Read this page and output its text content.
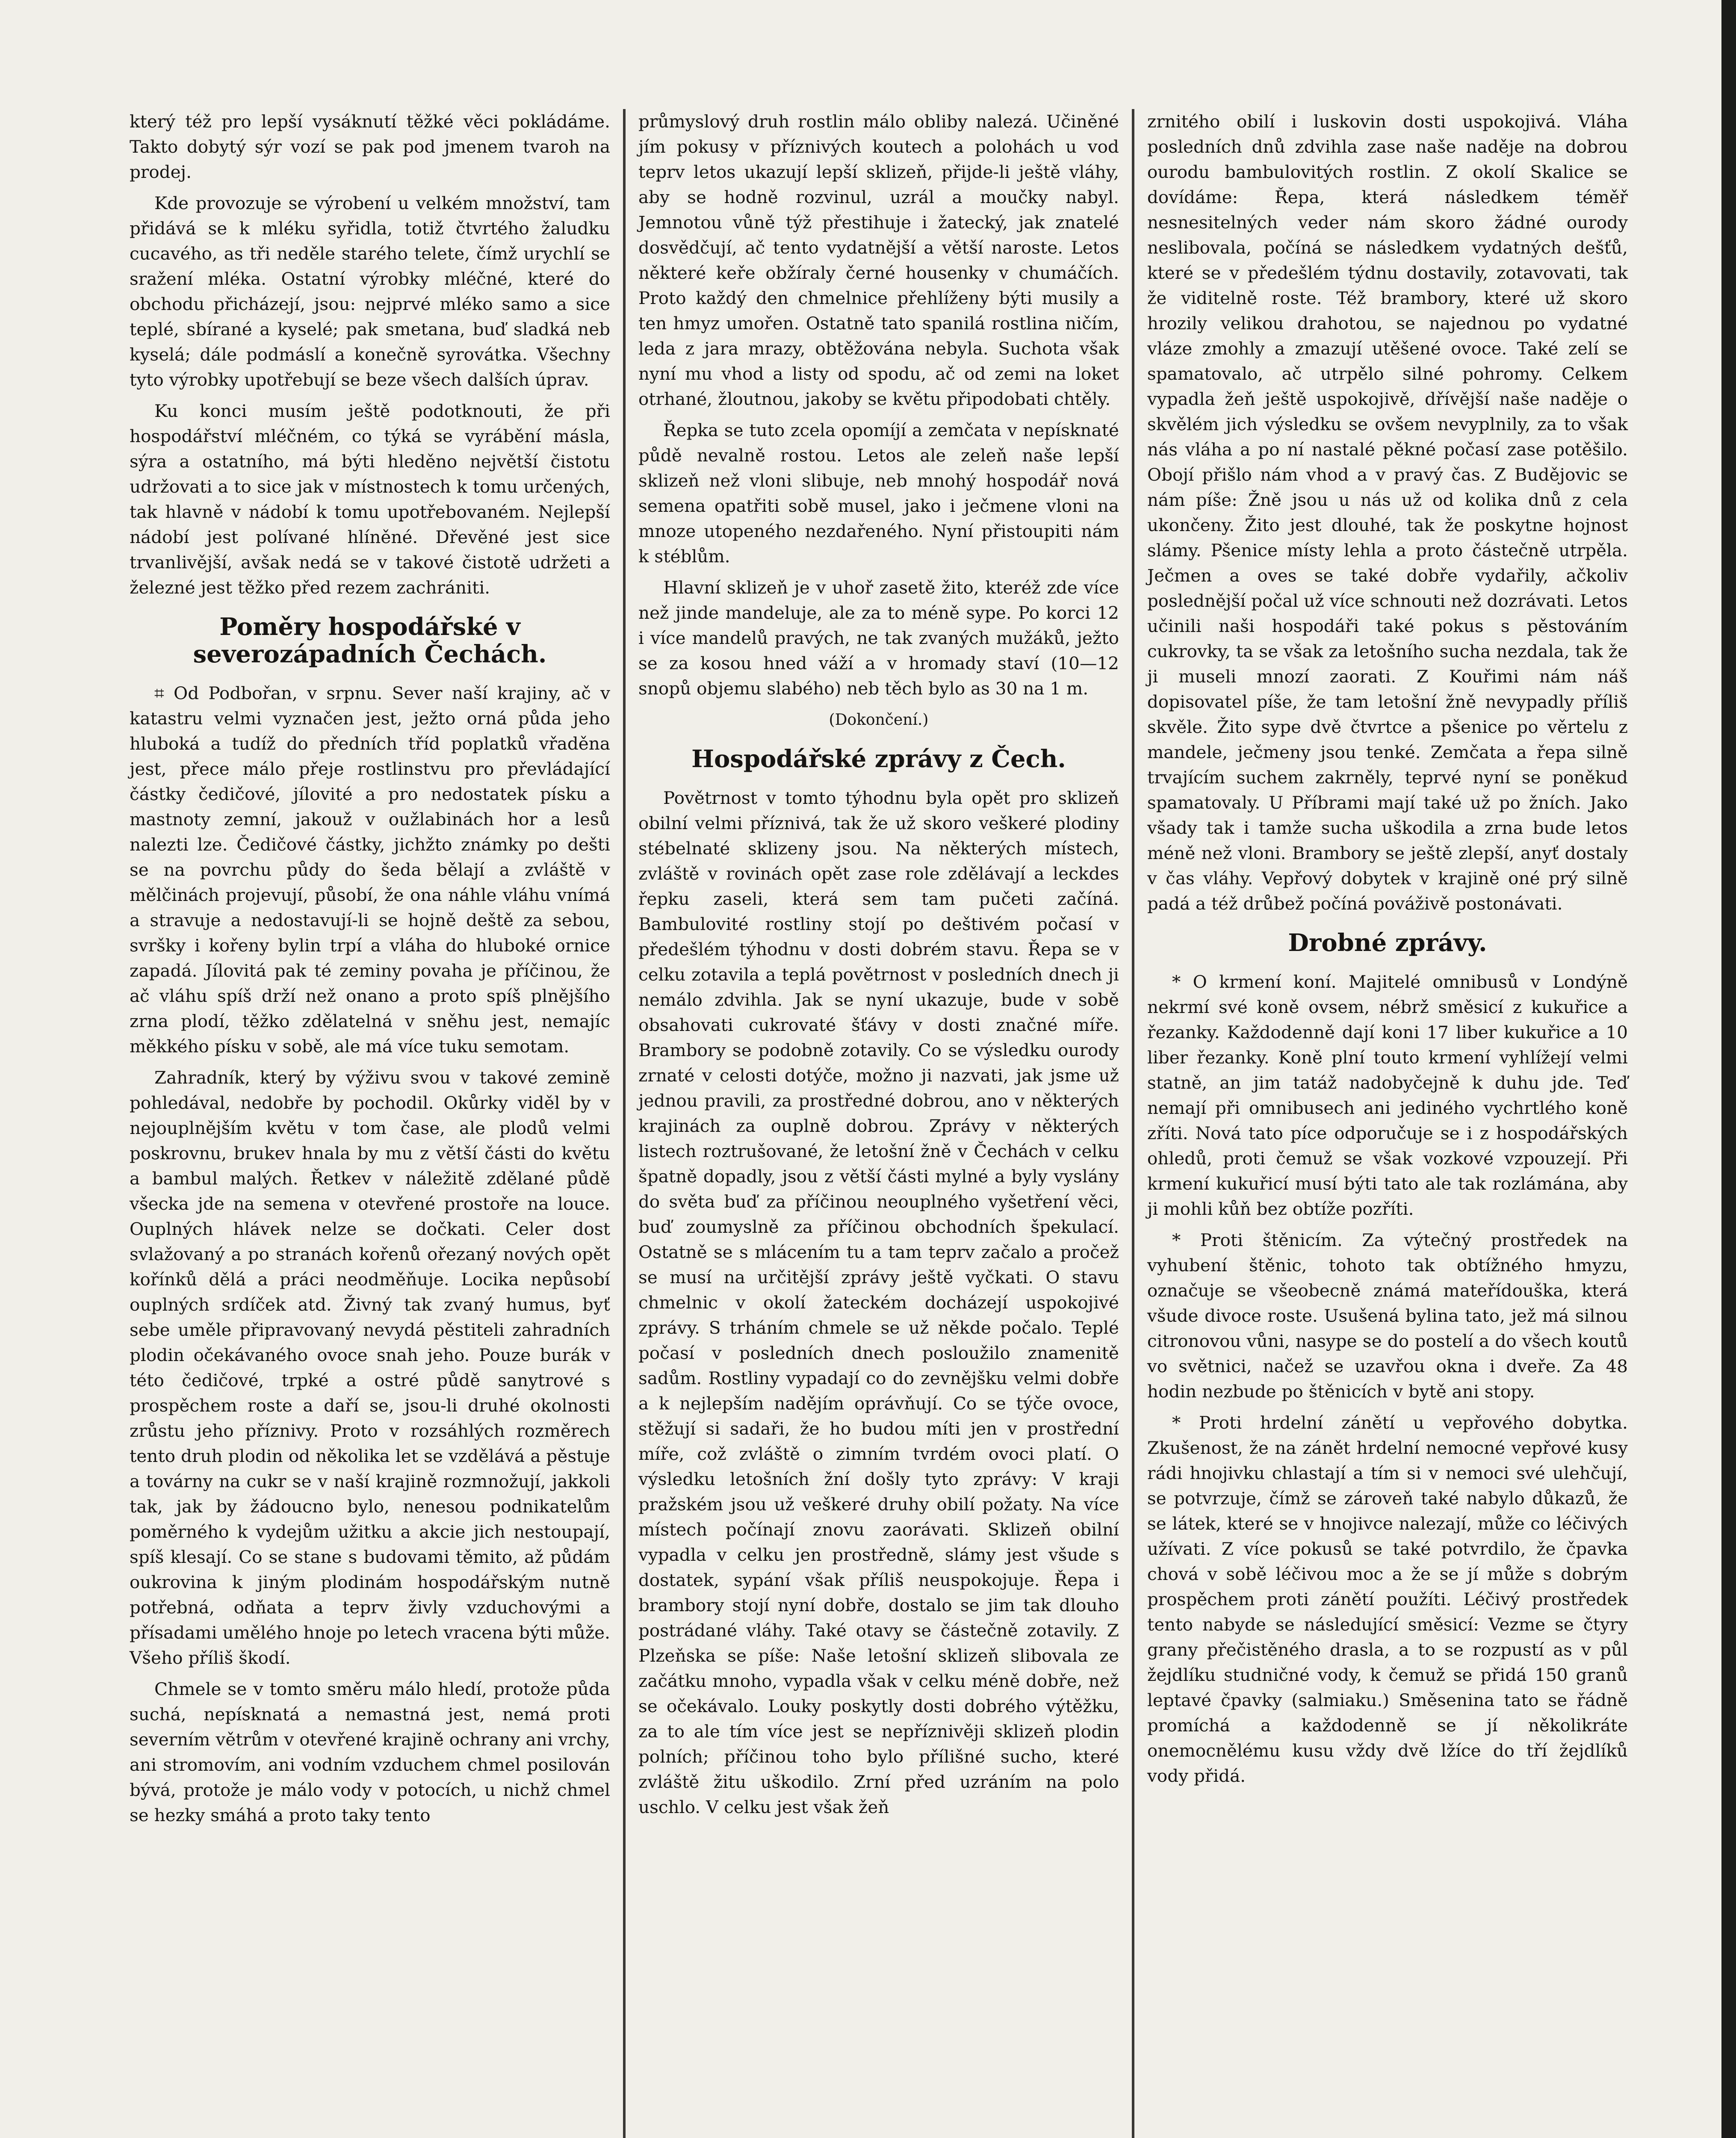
který též pro lepší vysáknutí těžké věci pokládáme. Takto dobytý sýr vozí se pak pod jmenem tvaroh na prodej.

Kde provozuje se výrobení u velkém množství, tam přidává se k mléku syřidla, totiž čtvrtého žaludku cucavého, as tři neděle starého telete, čímž urychlí se sražení mléka. Ostatní výrobky mléčné, které do obchodu přicházejí, jsou: nejprvé mléko samo a sice teplé, sbírané a kyselé; pak smetana, buď sladká neb kyselá; dále podmáslí a konečně syrovátka. Všechny tyto výrobky upotřebují se beze všech dalších úprav.

Ku konci musím ještě podotknouti, že při hospodářství mléčném, co týká se vyrábění másla, sýra a ostatního, má býti hleděno největší čistotu udržovati a to sice jak v místnostech k tomu určených, tak hlavně v nádobí k tomu upotřebovaném. Nejlepší nádobí jest polívané hlíněné. Dřevěné jest sice trvanlivější, avšak nedá se v takové čistotě udržeti a železné jest těžko před rezem zachrániti.

Poměry hospodářské v severozápadních Čechách.

⌗ Od Podbořan, v srpnu. Sever naší krajiny, ač v katastru velmi vyznačen jest, ježto orná půda jeho hluboká a tudíž do předních tříd poplatků vřaděna jest, přece málo přeje rostlinstvu pro převládající částky čedičové, jílovité a pro nedostatek písku a mastnoty zemní, jakouž v oužlabinách hor a lesů nalezti lze. Čedičové částky, jichžto známky po dešti se na povrchu půdy do šeda bělají a zvláště v mělčinách projevují, působí, že ona náhle vláhu vnímá a stravuje a nedostavují-li se hojně deště za sebou, svršky i kořeny bylin trpí a vláha do hluboké ornice zapadá. Jílovitá pak té zeminy povaha je příčinou, že ač vláhu spíš drží než onano a proto spíš plnějšího zrna plodí, těžko zdělatelná v sněhu jest, nemajíc měkkého písku v sobě, ale má více tuku semotam.

Zahradník, který by výživu svou v takové zemině pohledával, nedobře by pochodil. Okůrky viděl by v nejouplnějším květu v tom čase, ale plodů velmi poskrovnu, brukev hnala by mu z větší části do květu a bambul malých. Řetkev v náležitě zdělané půdě všecka jde na semena v otevřené prostoře na louce. Ouplných hlávek nelze se dočkati. Celer dost svlažovaný a po stranách kořenů ořezaný nových opět kořínků dělá a práci neodměňuje. Locika nepůsobí ouplných srdíček atd. Živný tak zvaný humus, byť sebe uměle připravovaný nevydá pěstiteli zahradních plodin očekávaného ovoce snah jeho. Pouze burák v této čedičové, trpké a ostré půdě sanytrové s prospěchem roste a daří se, jsou-li druhé okolnosti zrůstu jeho příznivy. Proto v rozsáhlých rozměrech tento druh plodin od několika let se vzdělává a pěstuje a továrny na cukr se v naší krajině rozmnožují, jakkoli tak, jak by žádoucno bylo, nenesou podnikatelům poměrného k vydejům užitku a akcie jich nestoupají, spíš klesají. Co se stane s budovami těmito, až půdám oukrovina k jiným plodinám hospodářským nutně potřebná, odňata a teprv živly vzduchovými a přísadami umělého hnoje po letech vracena býti může. Všeho příliš škodí.

Chmele se v tomto směru málo hledí, protože půda suchá, nepísknatá a nemastná jest, nemá proti severním větrům v otevřené krajině ochrany ani vrchy, ani stromovím, ani vodním vzduchem chmel posilován bývá, protože je málo vody v potocích, u nichž chmel se hezky smáhá a proto taky tento

průmyslový druh rostlin málo obliby nalezá. Učiněné jím pokusy v příznivých koutech a polohách u vod teprv letos ukazují lepší sklizeň, přijde-li ještě vláhy, aby se hodně rozvinul, uzrál a moučky nabyl. Jemnotou vůně týž přestihuje i žatecký, jak znatelé dosvědčují, ač tento vydatnější a větší naroste. Letos některé keře obžíraly černé housenky v chumáčích. Proto každý den chmelnice přehlíženy býti musily a ten hmyz umořen. Ostatně tato spanilá rostlina ničím, leda z jara mrazy, obtěžována nebyla. Suchota však nyní mu vhod a listy od spodu, ač od zemi na loket otrhané, žloutnou, jakoby se květu připodobati chtěly.

Řepka se tuto zcela opomíjí a zemčata v nepísknaté půdě nevalně rostou. Letos ale zeleň naše lepší sklizeň než vloni slibuje, neb mnohý hospodář nová semena opatřiti sobě musel, jako i ječmene vloni na mnoze utopeného nezdařeného. Nyní přistoupiti nám k stéblům.

Hlavní sklizeň je v uhoř zasetě žito, kteréž zde více než jinde mandeluje, ale za to méně sype. Po korci 12 i více mandelů pravých, ne tak zvaných mužáků, ježto se za kosou hned váží a v hromady staví (10—12 snopů objemu slabého) neb těch bylo as 30 na 1 m.

(Dokončení.)

Hospodářské zprávy z Čech.

Povětrnost v tomto týhodnu byla opět pro sklizeň obilní velmi příznivá, tak že už skoro veškeré plodiny stébelnaté sklizeny jsou. Na některých místech, zvláště v rovinách opět zase role zdělávají a leckdes řepku zaseli, která sem tam pučeti začíná. Bambulovité rostliny stojí po deštivém počasí v předešlém týhodnu v dosti dobrém stavu. Řepa se v celku zotavila a teplá povětrnost v posledních dnech ji nemálo zdvihla. Jak se nyní ukazuje, bude v sobě obsahovati cukrovaté šťávy v dosti značné míře. Brambory se podobně zotavily. Co se výsledku ourody zrnaté v celosti dotýče, možno ji nazvati, jak jsme už jednou pravili, za prostředné dobrou, ano v některých krajinách za ouplně dobrou. Zprávy v některých listech roztrušované, že letošní žně v Čechách v celku špatně dopadly, jsou z větší části mylné a byly vyslány do světa buď za příčinou neouplného vyšetření věci, buď zoumyslně za příčinou obchodních špekulací. Ostatně se s mlácením tu a tam teprv začalo a pročež se musí na určitější zprávy ještě vyčkati. O stavu chmelnic v okolí žateckém docházejí uspokojivé zprávy. S trháním chmele se už někde počalo. Teplé počasí v posledních dnech posloužilo znamenitě sadům. Rostliny vypadají co do zevnějšku velmi dobře a k nejlepším nadějím oprávňují. Co se týče ovoce, stěžují si sadaři, že ho budou míti jen v prostřední míře, což zvláště o zimním tvrdém ovoci platí. O výsledku letošních žní došly tyto zprávy: V kraji pražském jsou už veškeré druhy obilí požaty. Na více místech počínají znovu zaorávati. Sklizeň obilní vypadla v celku jen prostředně, slámy jest všude s dostatek, sypání však příliš neuspokojuje. Řepa i brambory stojí nyní dobře, dostalo se jim tak dlouho postrádané vláhy. Také otavy se částečně zotavily. Z Plzeňska se píše: Naše letošní sklizeň slibovala ze začátku mnoho, vypadla však v celku méně dobře, než se očekávalo. Louky poskytly dosti dobrého výtěžku, za to ale tím více jest se nepříznivěji sklizeň plodin polních; příčinou toho bylo přílišné sucho, které zvláště žitu uškodilo. Zrní před uzráním na polo uschlo. V celku jest však žeň

zrnitého obilí i luskovin dosti uspokojivá. Vláha posledních dnů zdvihla zase naše naděje na dobrou ourodu bambulovitých rostlin. Z okolí Skalice se dovídáme: Řepa, která následkem téměř nesnesitelných veder nám skoro žádné ourody neslibovala, počíná se následkem vydatných dešťů, které se v předešlém týdnu dostavily, zotavovati, tak že viditelně roste. Též brambory, které už skoro hrozily velikou drahotou, se najednou po vydatné vláze zmohly a zmazují utěšené ovoce. Také zelí se spamatovalo, ač utrpělo silné pohromy. Celkem vypadla žeň ještě uspokojivě, dřívější naše naděje o skvělém jich výsledku se ovšem nevyplnily, za to však nás vláha a po ní nastalé pěkné počasí zase potěšilo. Obojí přišlo nám vhod a v pravý čas. Z Budějovic se nám píše: Žně jsou u nás už od kolika dnů z cela ukončeny. Žito jest dlouhé, tak že poskytne hojnost slámy. Pšenice místy lehla a proto částečně utrpěla. Ječmen a oves se také dobře vydařily, ačkoliv poslednější počal už více schnouti než dozrávati. Letos učinili naši hospodáři také pokus s pěstováním cukrovky, ta se však za letošního sucha nezdala, tak že ji museli mnozí zaorati. Z Kouřimi nám náš dopisovatel píše, že tam letošní žně nevypadly příliš skvěle. Žito sype dvě čtvrtce a pšenice po věrtelu z mandele, ječmeny jsou tenké. Zemčata a řepa silně trvajícím suchem zakrněly, teprvé nyní se poněkud spamatovaly. U Příbrami mají také už po žních. Jako všady tak i tamže sucha uškodila a zrna bude letos méně než vloni. Brambory se ještě zlepší, anyť dostaly v čas vláhy. Vepřový dobytek v krajině oné prý silně padá a též drůbež počíná pováživě postonávati.

Drobné zprávy.

* O krmení koní. Majitelé omnibusů v Londýně nekrmí své koně ovsem, nébrž směsicí z kukuřice a řezanky. Každodenně dají koni 17 liber kukuřice a 10 liber řezanky. Koně plní touto krmení vyhlížejí velmi statně, an jim tatáž nadobyčejně k duhu jde. Teď nemají při omnibusech ani jediného vychrtlého koně zříti. Nová tato píce odporučuje se i z hospodářských ohledů, proti čemuž se však vozkové vzpouzejí. Při krmení kukuřicí musí býti tato ale tak rozlámána, aby ji mohli kůň bez obtíže pozříti.

* Proti štěnicím. Za výtečný prostředek na vyhubení štěnic, tohoto tak obtížného hmyzu, označuje se všeobecně známá mateřídouška, která všude divoce roste. Usušená bylina tato, jež má silnou citronovou vůni, nasype se do postelí a do všech koutů vo světnici, načež se uzavřou okna i dveře. Za 48 hodin nezbude po štěnicích v bytě ani stopy.

* Proti hrdelní zánětí u vepřového dobytka. Zkušenost, že na zánět hrdelní nemocné vepřové kusy rádi hnojivku chlastají a tím si v nemoci své ulehčují, se potvrzuje, čímž se zároveň také nabylo důkazů, že se látek, které se v hnojivce nalezají, může co léčivých užívati. Z více pokusů se také potvrdilo, že čpavka chová v sobě léčivou moc a že se jí může s dobrým prospěchem proti zánětí použíti. Léčivý prostředek tento nabyde se následující směsicí: Vezme se čtyry grany přečistěného drasla, a to se rozpustí as v půl žejdlíku studničné vody, k čemuž se přidá 150 granů leptavé čpavky (salmiaku.) Směsenina tato se řádně promíchá a každodenně se jí několikráte onemocnělému kusu vždy dvě lžíce do tří žejdlíků vody přidá.
